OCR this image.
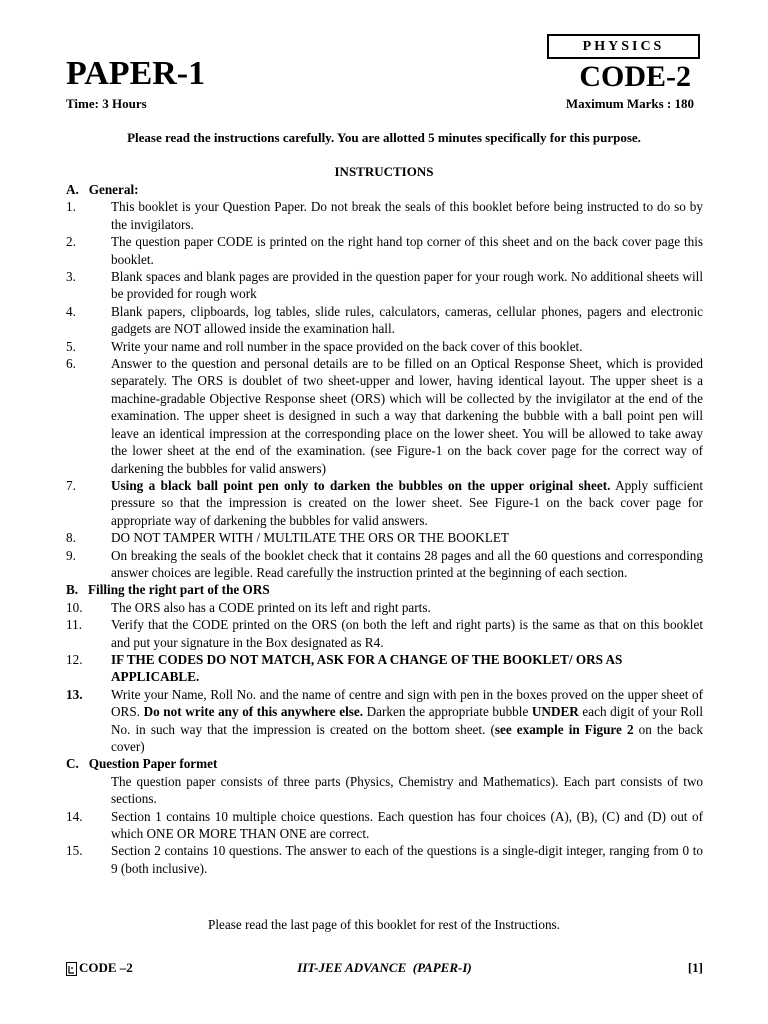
PHYSICS
PAPER-1	CODE-2
Time: 3 Hours	Maximum Marks : 180
Please read the instructions carefully. You are allotted 5 minutes specifically for this purpose.
INSTRUCTIONS
A.   General:
1.	This booklet is your Question Paper. Do not break the seals of this booklet before being instructed to do so by the invigilators.
2.	The question paper CODE is printed on the right hand top corner of this sheet and on the back cover page this booklet.
3.	Blank spaces and blank pages are provided in the question paper for your rough work. No additional sheets will be provided for rough work
4.	Blank papers, clipboards, log tables, slide rules, calculators, cameras, cellular phones, pagers and electronic gadgets are NOT allowed inside the examination hall.
5.	Write your name and roll number in the space provided on the back cover of this booklet.
6.	Answer to the question and personal details are to be filled on an Optical Response Sheet, which is provided separately. The ORS is doublet of two sheet-upper and lower, having identical layout. The upper sheet is a machine-gradable Objective Response sheet (ORS) which will be collected by the invigilator at the end of the examination. The upper sheet is designed in such a way that darkening the bubble with a ball point pen will leave an identical impression at the corresponding place on the lower sheet. You will be allowed to take away the lower sheet at the end of the examination. (see Figure-1 on the back cover page for the correct way of darkening the bubbles for valid answers)
7.	Using a black ball point pen only to darken the bubbles on the upper original sheet. Apply sufficient pressure so that the impression is created on the lower sheet. See Figure-1 on the back cover page for appropriate way of darkening the bubbles for valid answers.
8.	DO NOT TAMPER WITH / MULTILATE THE ORS OR THE BOOKLET
9.	On breaking the seals of the booklet check that it contains 28 pages and all the 60 questions and corresponding answer choices are legible. Read carefully the instruction printed at the beginning of each section.
B.   Filling the right part of the ORS
10.	The ORS also has a CODE printed on its left and right parts.
11.	Verify that the CODE printed on the ORS (on both the left and right parts) is the same as that on this booklet and put your signature in the Box designated as R4.
12.	IF THE CODES DO NOT MATCH, ASK FOR A CHANGE OF THE BOOKLET/ ORS AS APPLICABLE.
13.	Write your Name, Roll No. and the name of centre and sign with pen in the boxes proved on the upper sheet of ORS. Do not write any of this anywhere else. Darken the appropriate bubble UNDER each digit of your Roll No. in such way that the impression is created on the bottom sheet. (see example in Figure 2 on the back cover)
C.   Question Paper formet
The question paper consists of three parts (Physics, Chemistry and Mathematics). Each part consists of two sections.
14.	Section 1 contains 10 multiple choice questions. Each question has four choices (A), (B), (C) and (D) out of which ONE OR MORE THAN ONE are correct.
15.	Section 2 contains 10 questions. The answer to each of the questions is a single-digit integer, ranging from 0 to 9 (both inclusive).
Please read the last page of this booklet for rest of the Instructions.
CODE –2	IIT-JEE ADVANCE  (PAPER-I)	[1]
